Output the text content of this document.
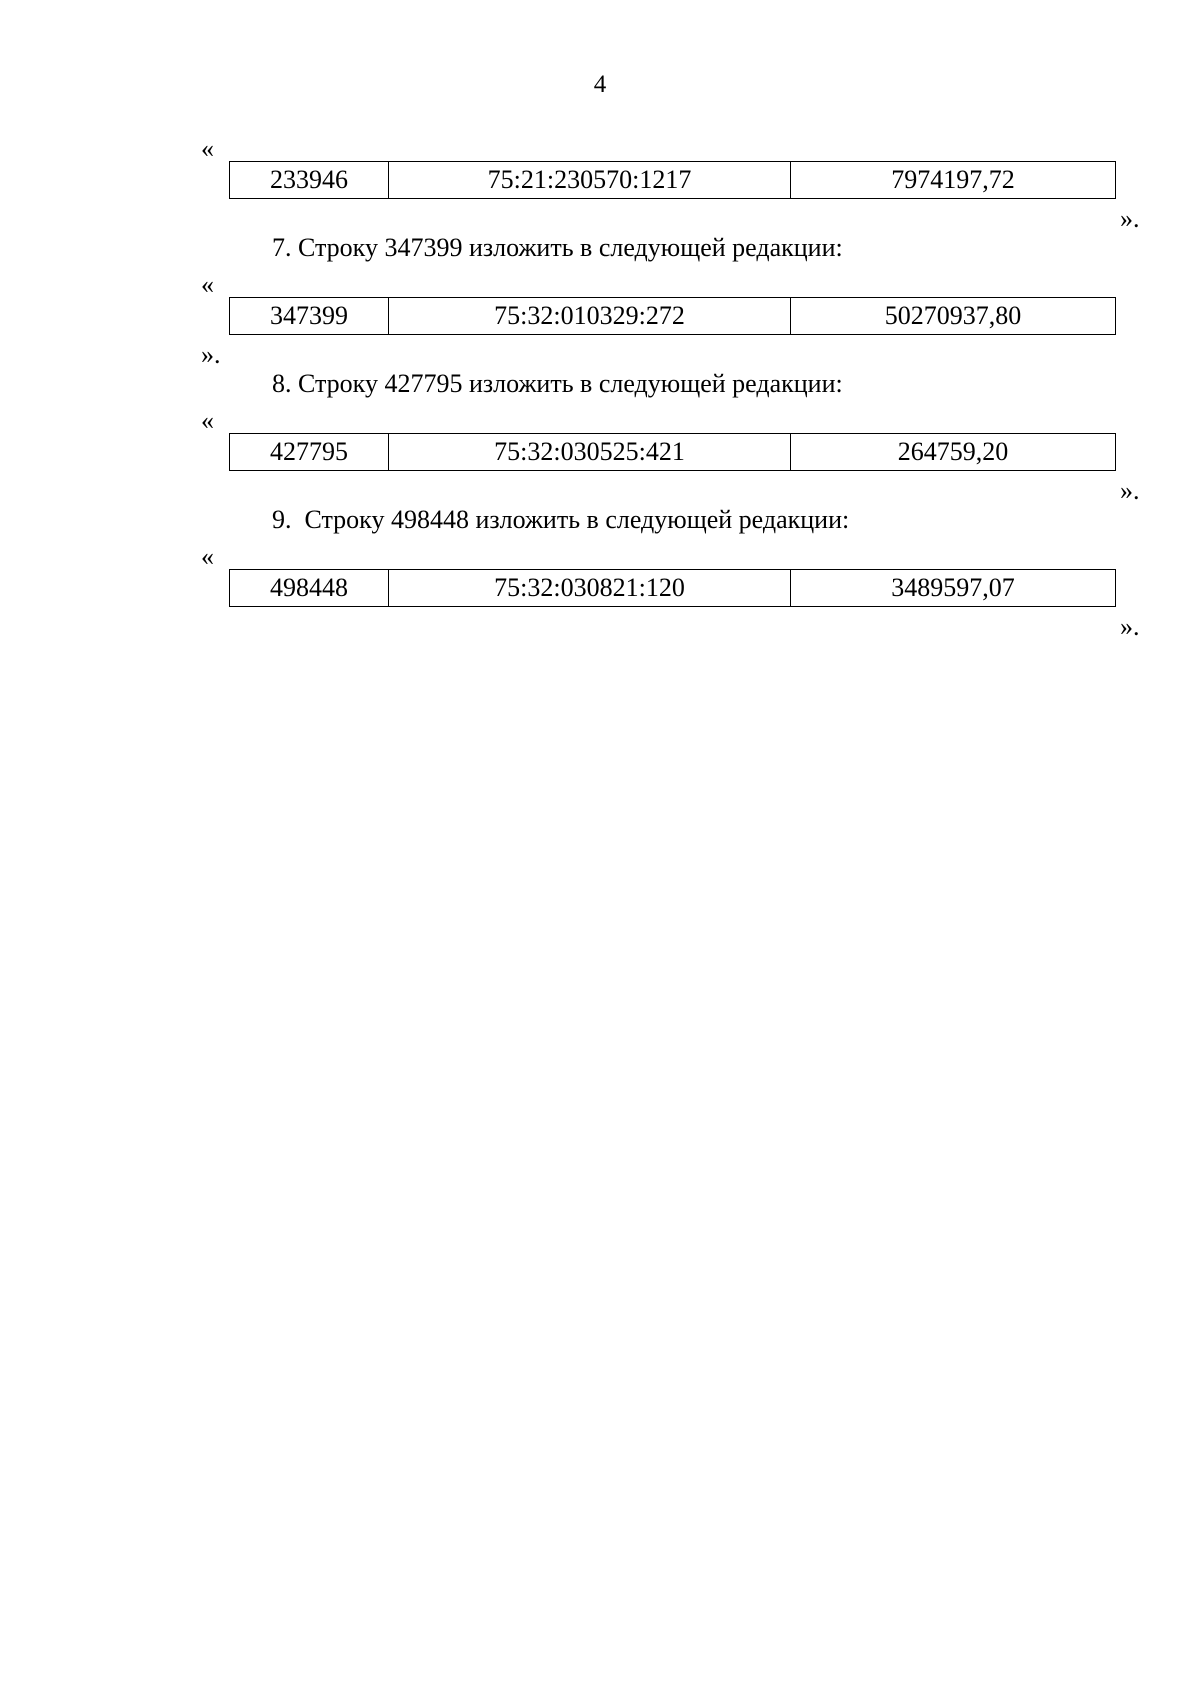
4
«
233946	75:21:230570:1217	7974197,72
».
7. Строку 347399 изложить в следующей редакции:
«
347399	75:32:010329:272	50270937,80
».
8. Строку 427795 изложить в следующей редакции:
«
427795	75:32:030525:421	264759,20
».
9.  Строку 498448 изложить в следующей редакции:
«
498448	75:32:030821:120	3489597,07
».
